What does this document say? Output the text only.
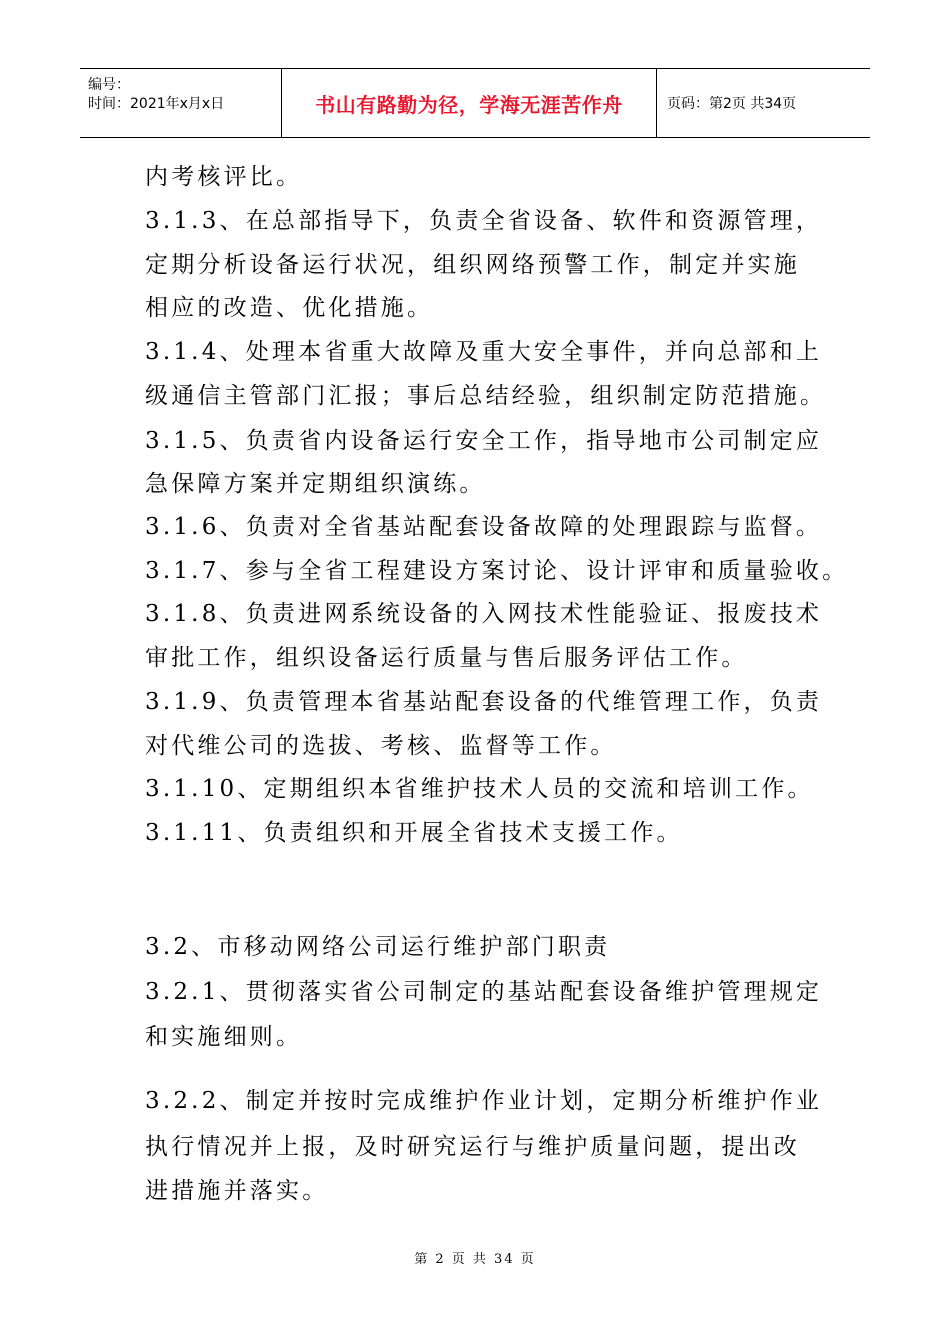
编号：
时间：2021年x月x日	书山有路勤为径，学海无涯苦作舟	页码：第2页 共34页
内考核评比。
3.1.3、在总部指导下，负责全省设备、软件和资源管理，
定期分析设备运行状况，组织网络预警工作，制定并实施
相应的改造、优化措施。
3.1.4、处理本省重大故障及重大安全事件，并向总部和上
级通信主管部门汇报；事后总结经验，组织制定防范措施。
3.1.5、负责省内设备运行安全工作，指导地市公司制定应
急保障方案并定期组织演练。
3.1.6、负责对全省基站配套设备故障的处理跟踪与监督。
3.1.7、参与全省工程建设方案讨论、设计评审和质量验收。
3.1.8、负责进网系统设备的入网技术性能验证、报废技术
审批工作，组织设备运行质量与售后服务评估工作。
3.1.9、负责管理本省基站配套设备的代维管理工作，负责
对代维公司的选拔、考核、监督等工作。
3.1.10、定期组织本省维护技术人员的交流和培训工作。
3.1.11、负责组织和开展全省技术支援工作。
3.2、市移动网络公司运行维护部门职责
3.2.1、贯彻落实省公司制定的基站配套设备维护管理规定
和实施细则。
3.2.2、制定并按时完成维护作业计划，定期分析维护作业
执行情况并上报，及时研究运行与维护质量问题，提出改
进措施并落实。
第 2 页 共 34 页
